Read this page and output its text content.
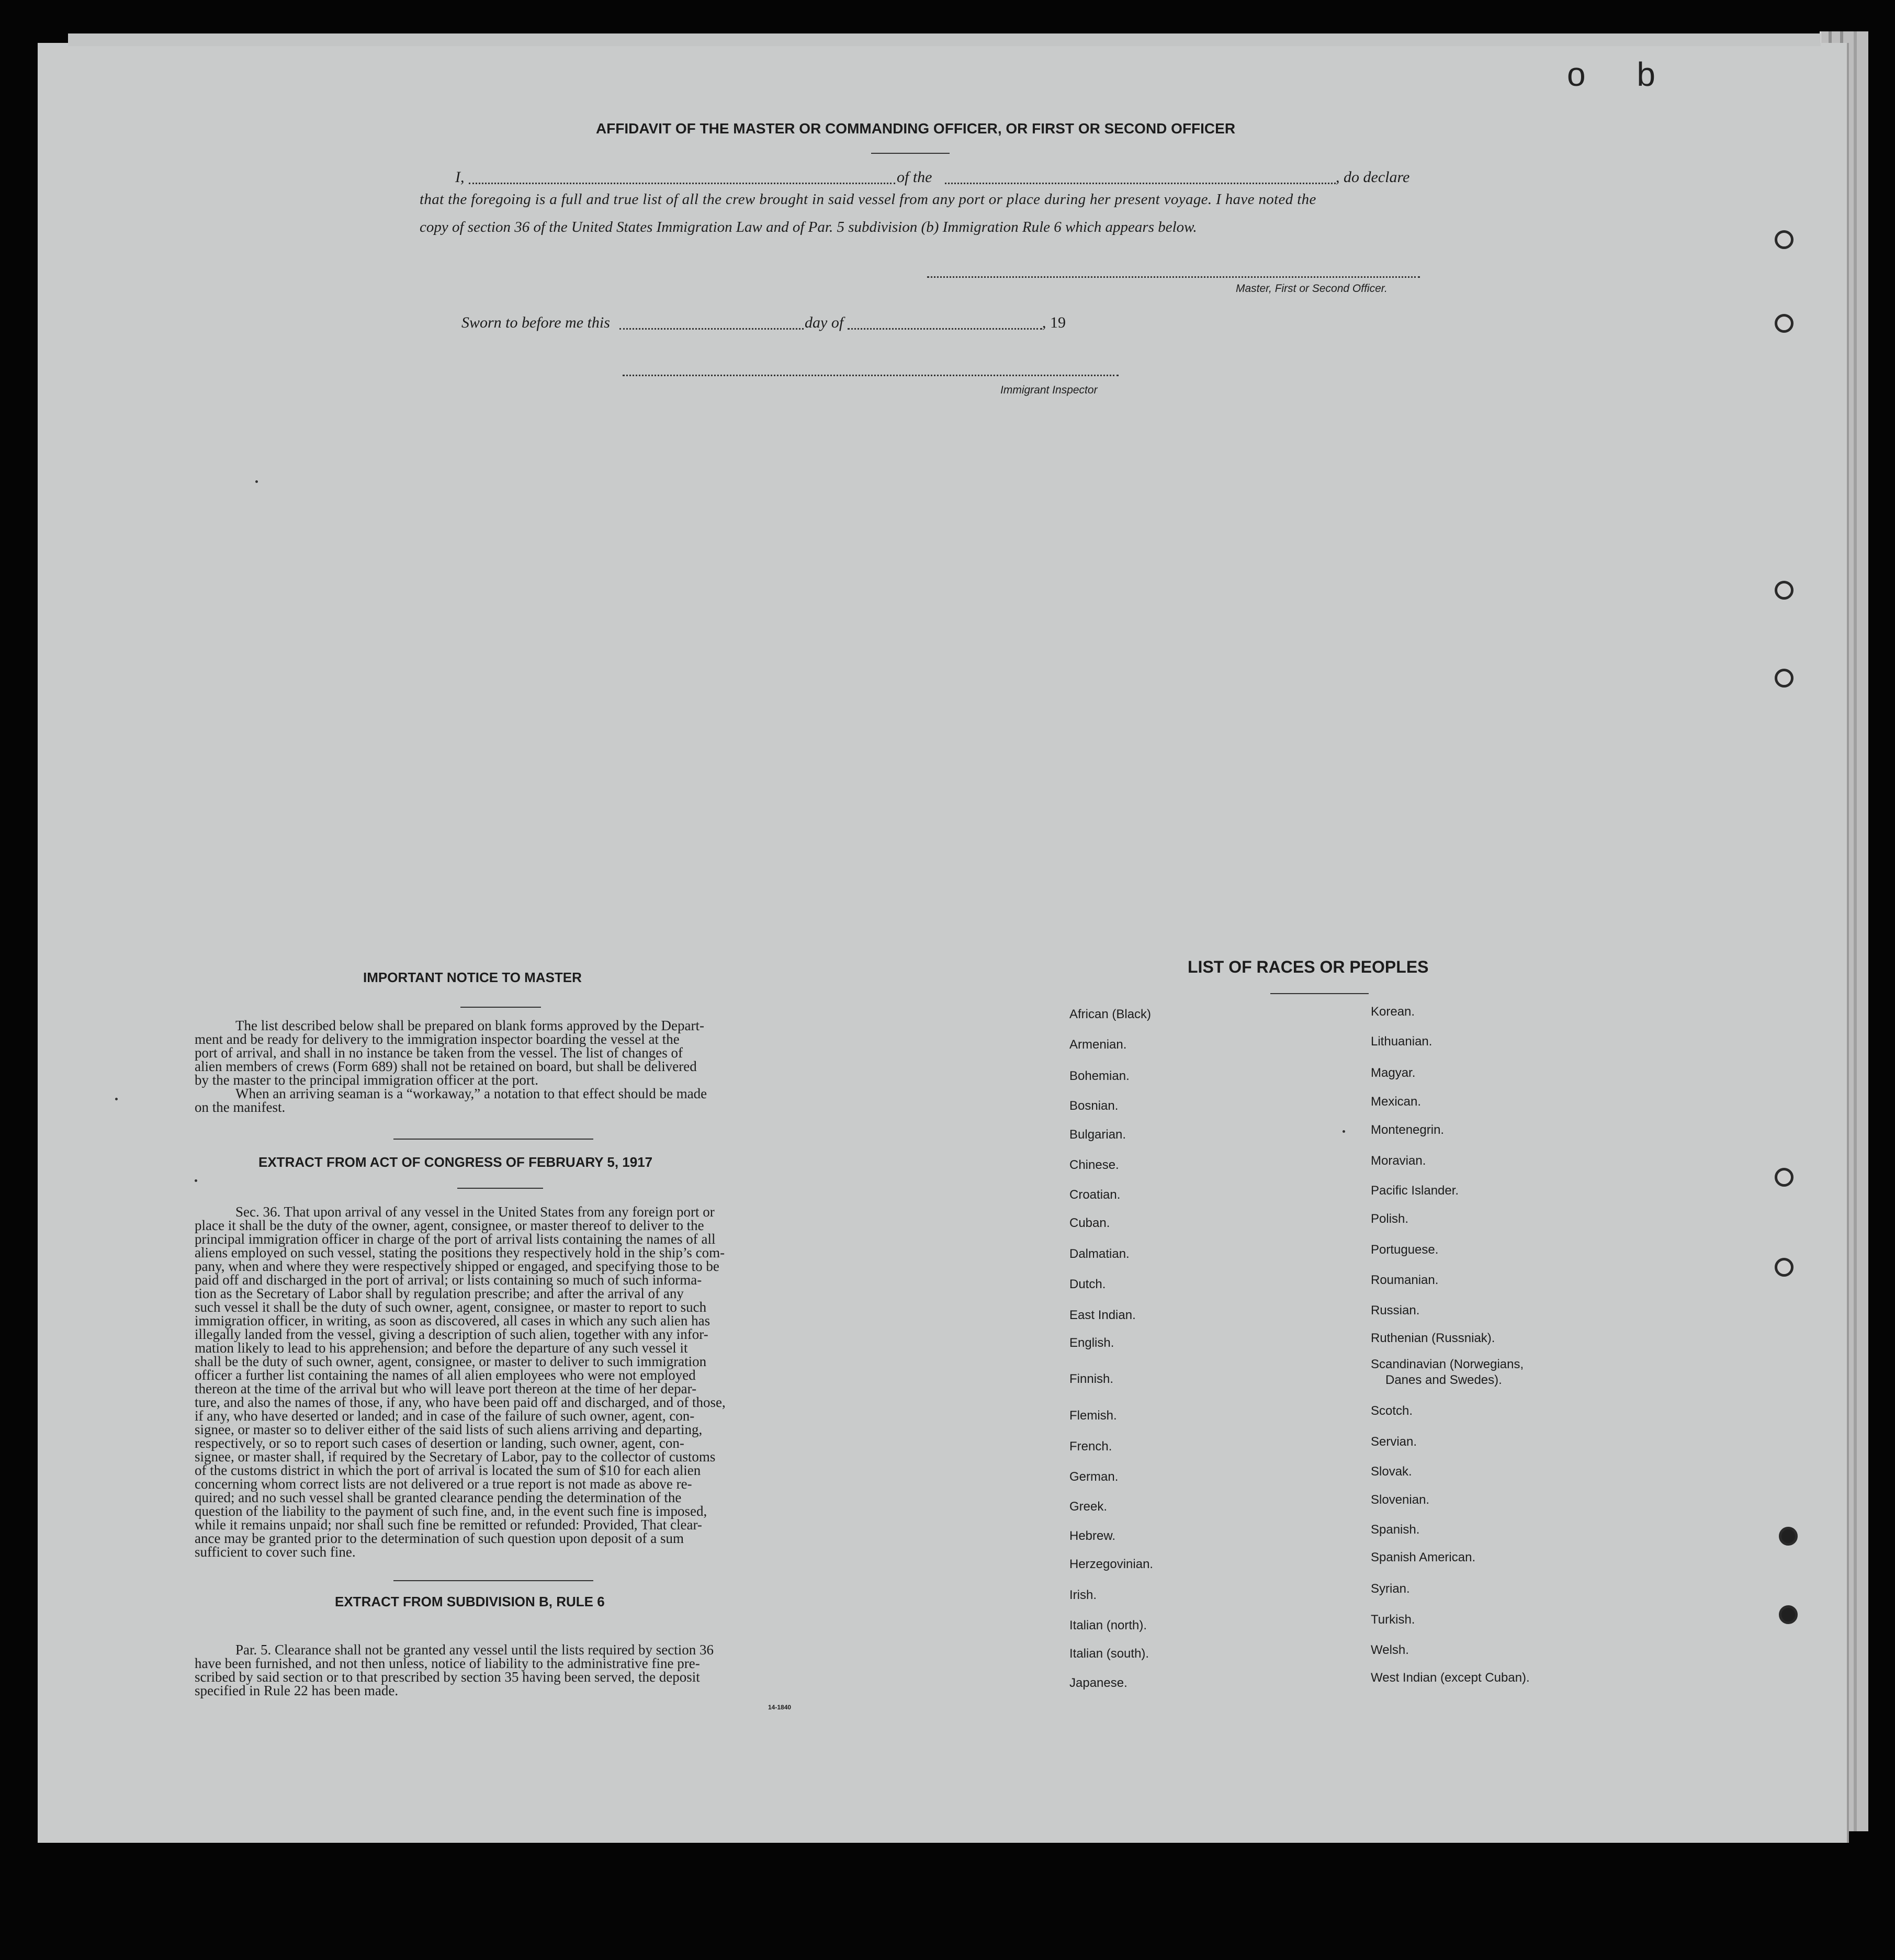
o b
AFFIDAVIT OF THE MASTER OR COMMANDING OFFICER, OR FIRST OR SECOND OFFICER
I,	of the	, do declare
that the foregoing is a full and true list of all the crew brought in said vessel from any port or place during her present voyage. I have noted the
copy of section 36 of the United States Immigration Law and of Par. 5 subdivision (b) Immigration Rule 6 which appears below.
Master, First or Second Officer.
Sworn to before me this	day of	, 19
Immigrant Inspector
IMPORTANT NOTICE TO MASTER
The list described below shall be prepared on blank forms approved by the Depart-
ment and be ready for delivery to the immigration inspector boarding the vessel at the
port of arrival, and shall in no instance be taken from the vessel. The list of changes of
alien members of crews (Form 689) shall not be retained on board, but shall be delivered
by the master to the principal immigration officer at the port.
When an arriving seaman is a “workaway,” a notation to that effect should be made
on the manifest.
EXTRACT FROM ACT OF CONGRESS OF FEBRUARY 5, 1917
Sec. 36. That upon arrival of any vessel in the United States from any foreign port or
place it shall be the duty of the owner, agent, consignee, or master thereof to deliver to the
principal immigration officer in charge of the port of arrival lists containing the names of all
aliens employed on such vessel, stating the positions they respectively hold in the ship’s com-
pany, when and where they were respectively shipped or engaged, and specifying those to be
paid off and discharged in the port of arrival; or lists containing so much of such informa-
tion as the Secretary of Labor shall by regulation prescribe; and after the arrival of any
such vessel it shall be the duty of such owner, agent, consignee, or master to report to such
immigration officer, in writing, as soon as discovered, all cases in which any such alien has
illegally landed from the vessel, giving a description of such alien, together with any infor-
mation likely to lead to his apprehension; and before the departure of any such vessel it
shall be the duty of such owner, agent, consignee, or master to deliver to such immigration
officer a further list containing the names of all alien employees who were not employed
thereon at the time of the arrival but who will leave port thereon at the time of her depar-
ture, and also the names of those, if any, who have been paid off and discharged, and of those,
if any, who have deserted or landed; and in case of the failure of such owner, agent, con-
signee, or master so to deliver either of the said lists of such aliens arriving and departing,
respectively, or so to report such cases of desertion or landing, such owner, agent, con-
signee, or master shall, if required by the Secretary of Labor, pay to the collector of customs
of the customs district in which the port of arrival is located the sum of $10 for each alien
concerning whom correct lists are not delivered or a true report is not made as above re-
quired; and no such vessel shall be granted clearance pending the determination of the
question of the liability to the payment of such fine, and, in the event such fine is imposed,
while it remains unpaid; nor shall such fine be remitted or refunded: Provided, That clear-
ance may be granted prior to the determination of such question upon deposit of a sum
sufficient to cover such fine.
EXTRACT FROM SUBDIVISION B, RULE 6
Par. 5. Clearance shall not be granted any vessel until the lists required by section 36
have been furnished, and not then unless, notice of liability to the administrative fine pre-
scribed by said section or to that prescribed by section 35 having been served, the deposit
specified in Rule 22 has been made.
14-1840
LIST OF RACES OR PEOPLES
African (Black)
Armenian.
Bohemian.
Bosnian.
Bulgarian.
Chinese.
Croatian.
Cuban.
Dalmatian.
Dutch.
East Indian.
English.
Finnish.
Flemish.
French.
German.
Greek.
Hebrew.
Herzegovinian.
Irish.
Italian (north).
Italian (south).
Japanese.
Korean.
Lithuanian.
Magyar.
Mexican.
Montenegrin.
Moravian.
Pacific Islander.
Polish.
Portuguese.
Roumanian.
Russian.
Ruthenian (Russniak).
Scandinavian (Norwegians,
Danes and Swedes).
Scotch.
Servian.
Slovak.
Slovenian.
Spanish.
Spanish American.
Syrian.
Turkish.
Welsh.
West Indian (except Cuban).
